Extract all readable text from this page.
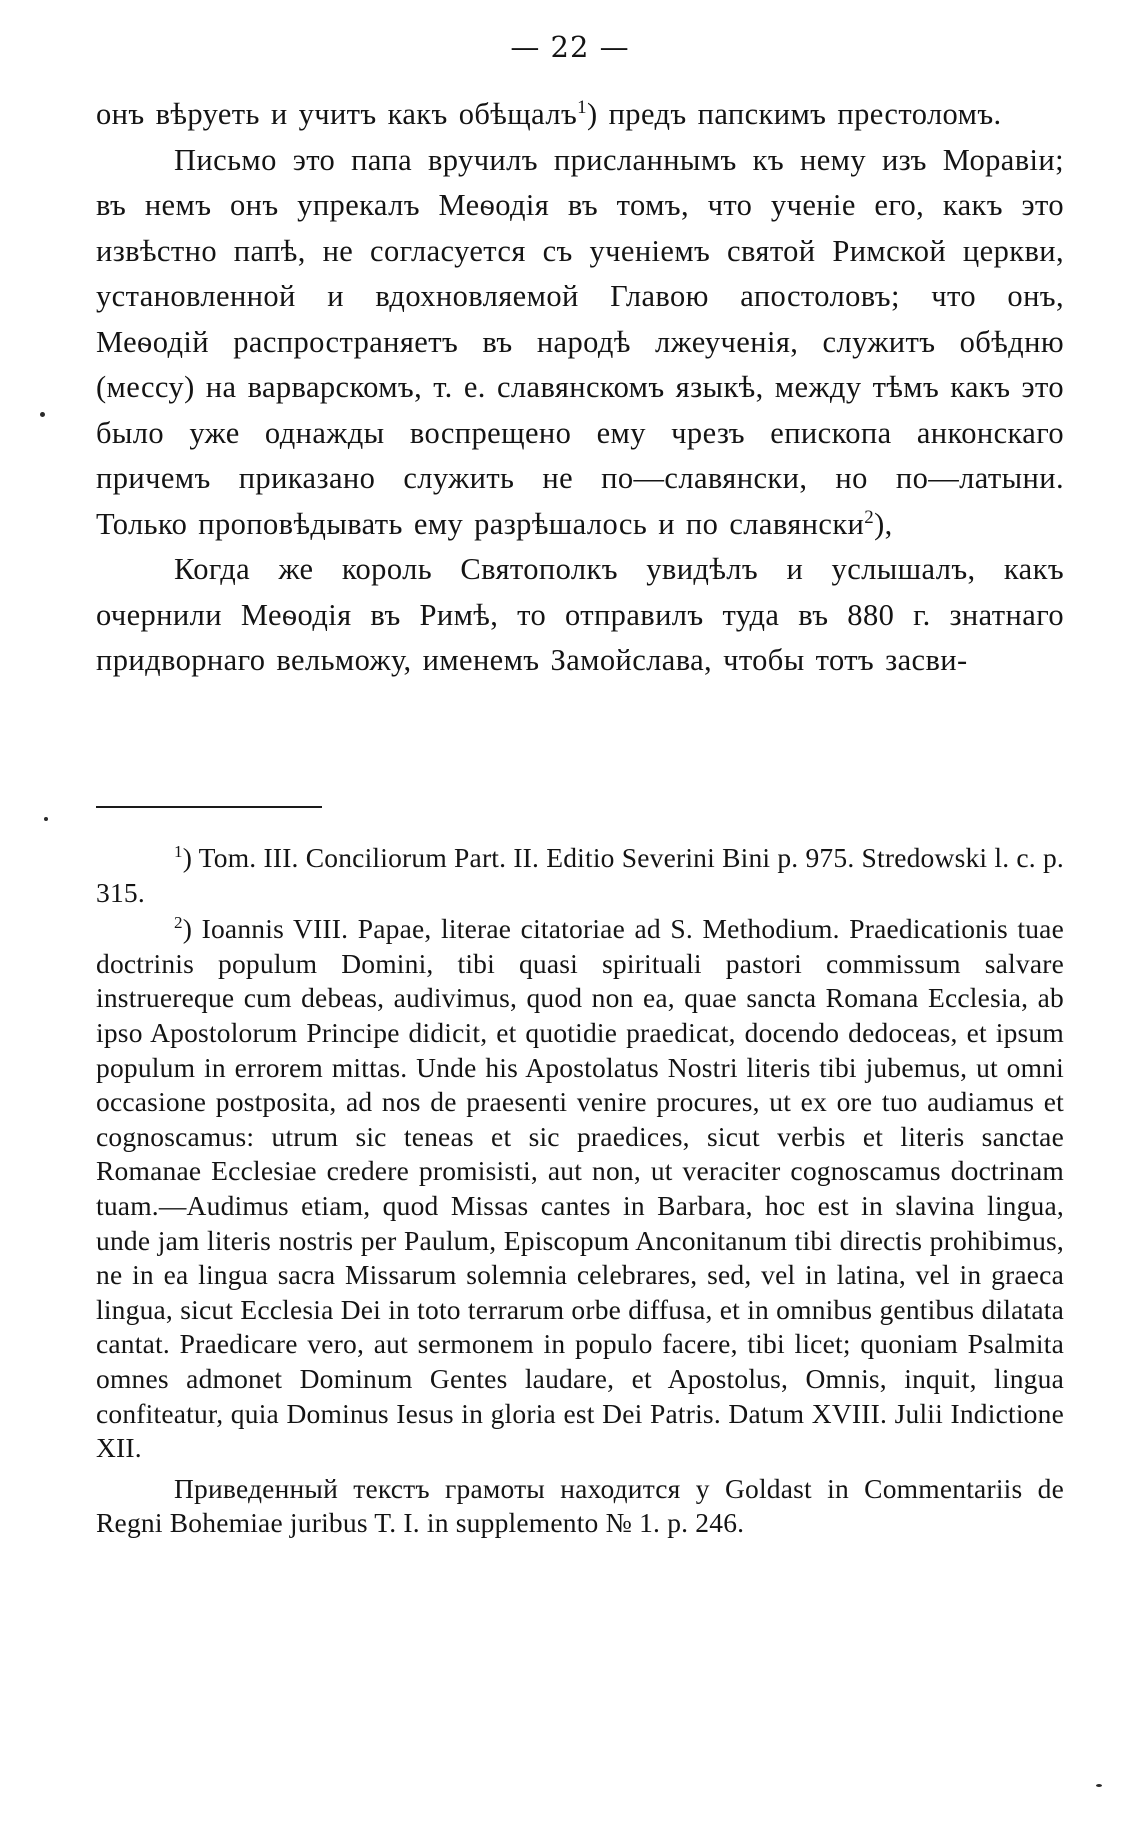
— 22 —

онъ вѣруеть и учитъ какъ обѣщалъ$^1$) предъ папскимъ престоломъ.

Письмо это папа вручилъ присланнымъ къ нему изъ Моравіи; въ немъ онъ упрекалъ Меѳодія въ томъ, что ученіе его, какъ это извѣстно папѣ, не согласуется съ ученіемъ святой Римской церкви, установленной и вдохновляемой Главою апостоловъ; что онъ, Меѳодій распространяетъ въ народѣ лжеученія, служитъ обѣдню (мессу) на варварскомъ, т. е. славянскомъ языкѣ, между тѣмъ какъ это было уже однажды воспрещено ему чрезъ епископа анконскаго причемъ приказано служить не по—славянски, но по—латыни. Только проповѣдывать ему разрѣшалось и по славянски$^2$),

Когда же король Святополкъ увидѣлъ и услышалъ, какъ очернили Меѳодія въ Римѣ, то отправилъ туда въ 880 г. знатнаго придворнаго вельможу, именемъ Замойслава, чтобы тотъ засви-

$^1$) Tom. III. Conciliorum Part. II. Editio Severini Bini p. 975. Stredowski l. c. p. 315.

$^2$) Ioannis VIII. Papae, literae citatoriae ad S. Methodium. Praedicationis tuae doctrinis populum Domini, tibi quasi spirituali pastori commissum salvare instruereque cum debeas, audivimus, quod non ea, quae sancta Romana Ecclesia, ab ipso Apostolorum Principe didicit, et quotidie praedicat, docendo dedoceas, et ipsum populum in errorem mittas. Unde his Apostolatus Nostri literis tibi jubemus, ut omni occasione postposita, ad nos de praesenti venire procures, ut ex ore tuo audiamus et cognoscamus: utrum sic teneas et sic praedices, sicut verbis et literis sanctae Romanae Ecclesiae credere promisisti, aut non, ut veraciter cognoscamus doctrinam tuam.—Audimus etiam, quod Missas cantes in Barbara, hoc est in slavina lingua, unde jam literis nostris per Paulum, Episcopum Anconitanum tibi directis prohibimus, ne in ea lingua sacra Missarum solemnia celebrares, sed, vel in latina, vel in graeca lingua, sicut Ecclesia Dei in toto terrarum orbe diffusa, et in omnibus gentibus dilatata cantat. Praedicare vero, aut sermonem in populo facere, tibi licet; quoniam Psalmita omnes admonet Dominum Gentes laudare, et Apostolus, Omnis, inquit, lingua confiteatur, quia Dominus Iesus in gloria est Dei Patris. Datum XVIII. Julii Indictione XII.

Приведенный текстъ грамоты находится у Goldast in Commentariis de Regni Bohemiae juribus T. I. in supplemento № 1. p. 246.
